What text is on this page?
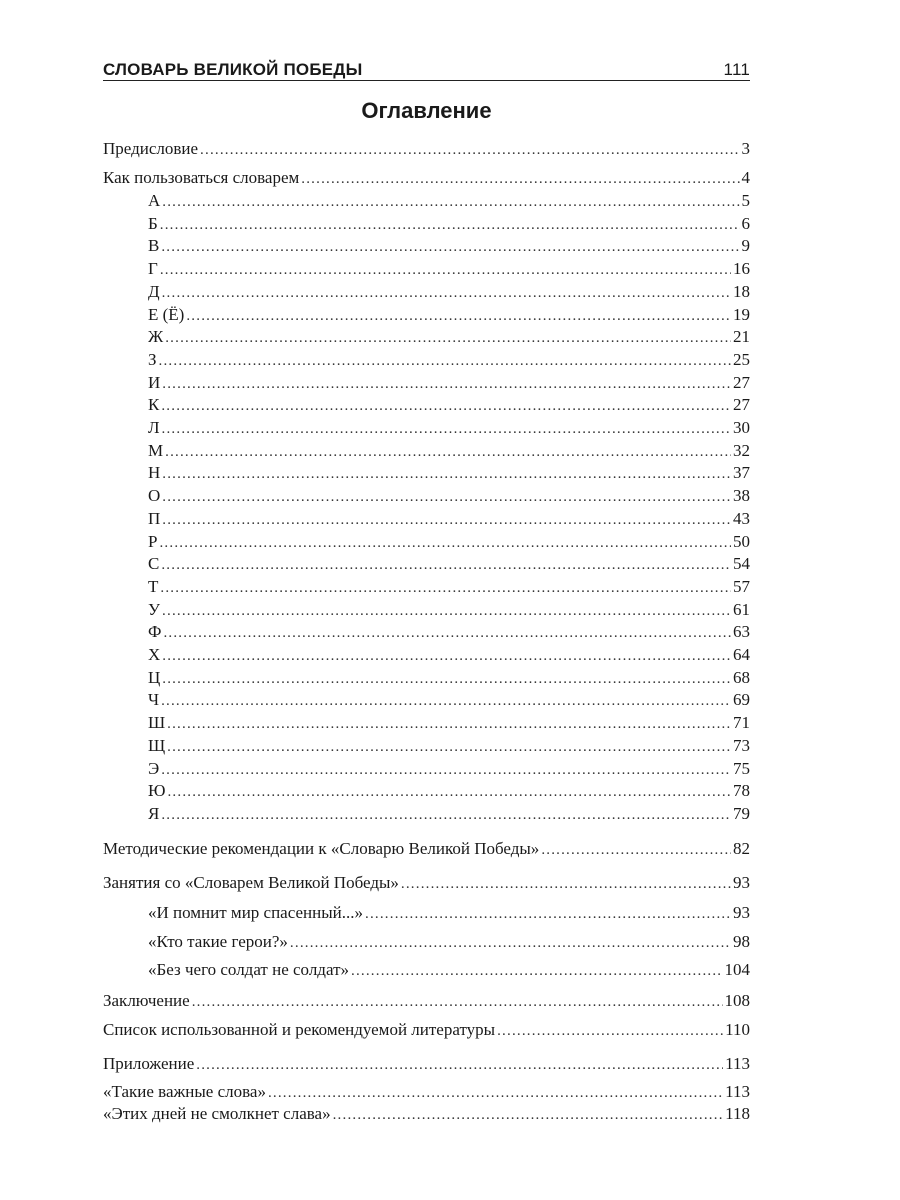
СЛОВАРЬ ВЕЛИКОЙ ПОБЕДЫ	111
Оглавление
Предисловие .....	3
Как пользоваться словарем .....	4
А .....	5
Б .....	6
В .....	9
Г .....	16
Д .....	18
Е (Ё) .....	19
Ж .....	21
З .....	25
И .....	27
К .....	27
Л .....	30
М .....	32
Н .....	37
О .....	38
П .....	43
Р .....	50
С .....	54
Т .....	57
У .....	61
Ф .....	63
Х .....	64
Ц .....	68
Ч .....	69
Ш .....	71
Щ .....	73
Э .....	75
Ю .....	78
Я .....	79
Методические рекомендации к «Словарю Великой Победы» .....	82
Занятия со «Словарем Великой Победы» .....	93
«И помнит мир спасенный...» .....	93
«Кто такие герои?» .....	98
«Без чего солдат не солдат» .....	104
Заключение .....	108
Список использованной и рекомендуемой литературы .....	110
Приложение .....	113
«Такие важные слова» .....	113
«Этих дней не смолкнет слава» .....	118
